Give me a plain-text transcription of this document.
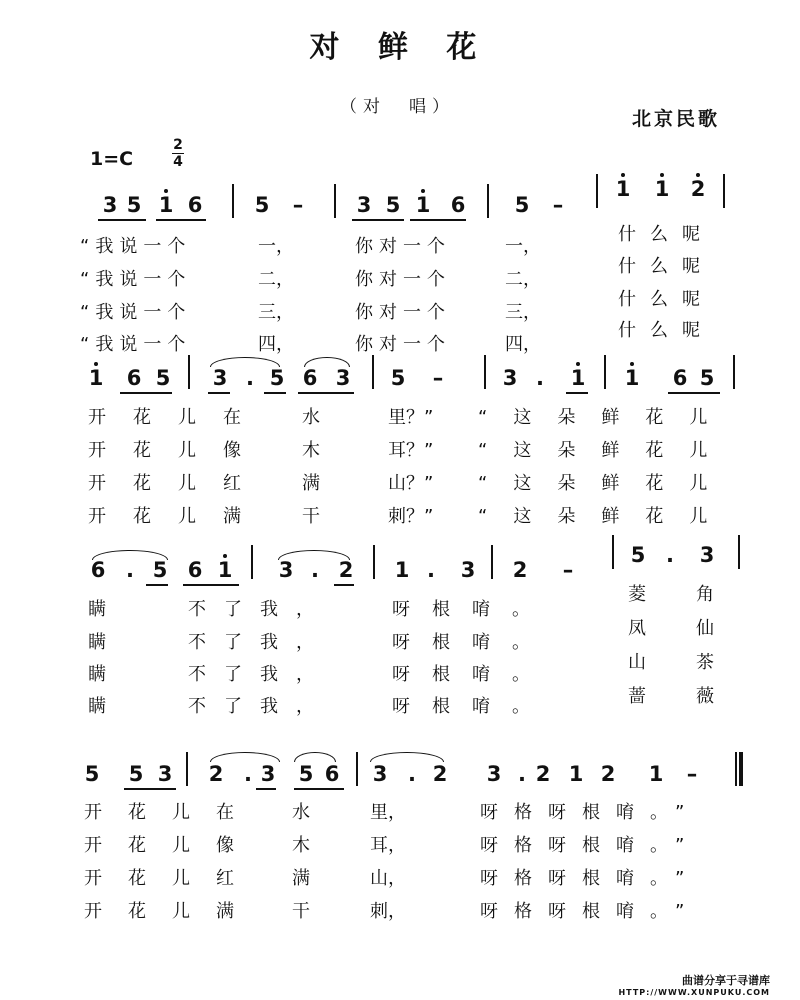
对 鲜 花
（对　唱）
北京民歌
1=C
2
4
3 5 1 6 5 –	3 5 1 6 5 –
1 1 2
1 6 5 3 . 5 6 3 5 –	3 . 1 1 6 5
6 . 5 6 1 3 . 2 1 . 3 2 –
5 . 3
5 5 3 2 . 3 5 6 3 . 2 3 . 2 1 2 1 –
“我说一个	一，	你对一个	一，
什么呢
“我说一个	二，	你对一个	二，
什么呢
“我说一个	三，	你对一个	三，
什么呢
“我说一个	四，	你对一个	四，
什么呢
开花儿在 水	里？” “这朵鲜花儿
开花儿像 木	耳？” “这朵鲜花儿
开花儿红 满	山？” “这朵鲜花儿
开花儿满 干	刺？” “这朵鲜花儿
瞒	不了我，	呀根唷。
菱	角
瞒	不了我，	呀根唷。
凤	仙
瞒	不了我，	呀根唷。
山	茶
瞒	不了我，	呀根唷。	蔷	薇
开花儿在 水	里，	呀格呀根唷。”
开花儿像 木	耳，	呀格呀根唷。”
开花儿红 满	山，	呀格呀根唷。”
开花儿满 干	刺，	呀格呀根唷。”
曲谱分享于寻谱库
HTTP://WWW.XUNPUKU.COM
